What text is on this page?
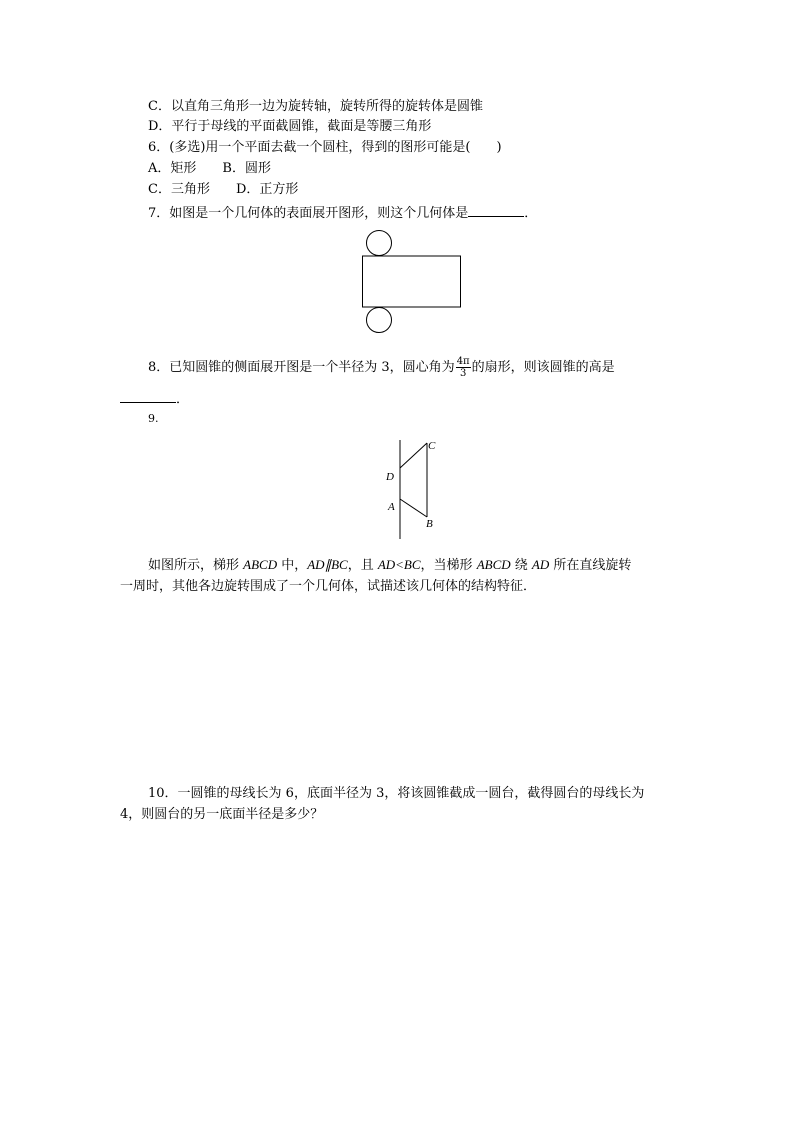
C．以直角三角形一边为旋转轴，旋转所得的旋转体是圆锥
D．平行于母线的平面截圆锥，截面是等腰三角形
6．(多选)用一个平面去截一个圆柱，得到的图形可能是(　　)
A．矩形　　B．圆形
C．三角形　　D．正方形
7．如图是一个几何体的表面展开图形，则这个几何体是	．
8．已知圆锥的侧面展开图是一个半径为 3，圆心角为 $\frac{4\pi}{3}$ 的扇形，则该圆锥的高是
．
9.
C
D
A
B
如图所示，梯形 ABCD 中，AD∥BC，且 AD<BC，当梯形 ABCD 绕 AD 所在直线旋转
一周时，其他各边旋转围成了一个几何体，试描述该几何体的结构特征．
10．一圆锥的母线长为 6，底面半径为 3，将该圆锥截成一圆台，截得圆台的母线长为
4，则圆台的另一底面半径是多少？
